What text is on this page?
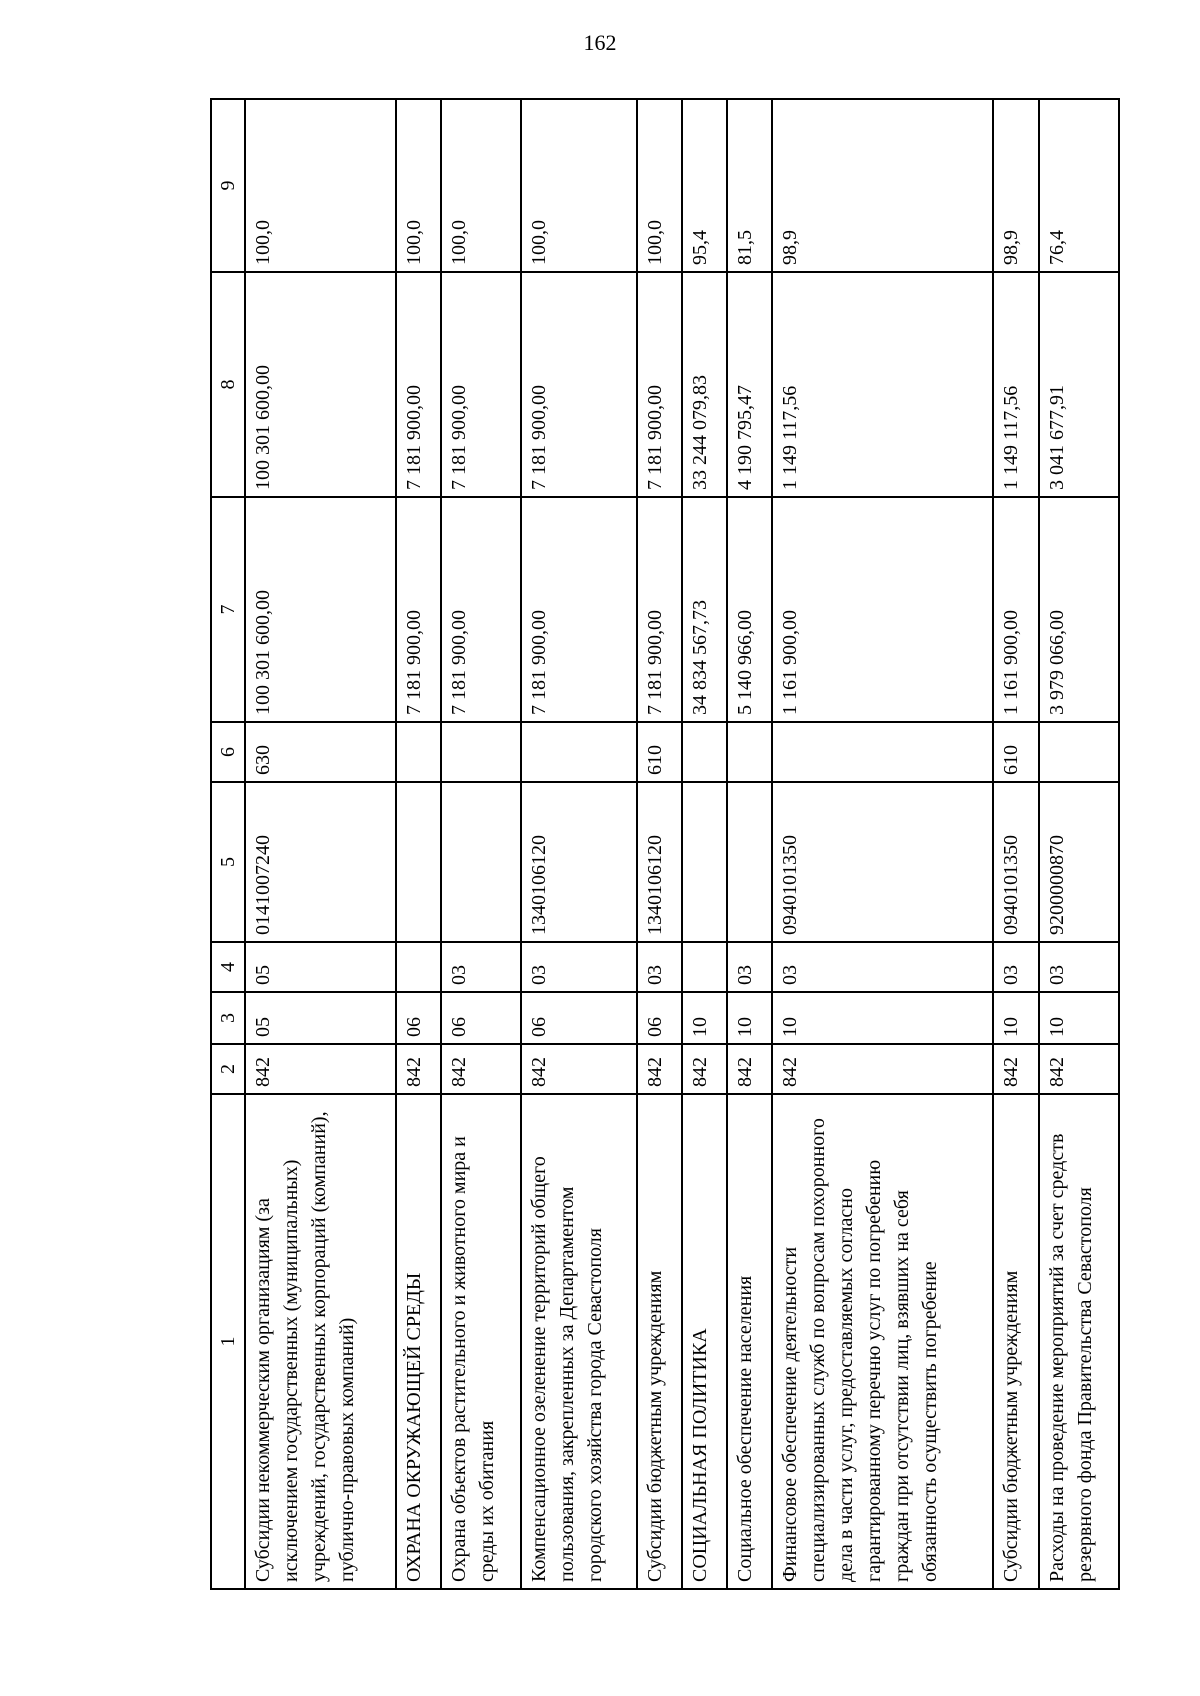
162
1	2	3	4	5	6	7	8	9
Субсидии некоммерческим организациям (за исключением государственных (муниципальных) учреждений, государственных корпораций (компаний), публично-правовых компаний)	842	05	05	0141007240	630	100 301 600,00	100 301 600,00	100,0
ОХРАНА ОКРУЖАЮЩЕЙ СРЕДЫ	842	06				7 181 900,00	7 181 900,00	100,0
Охрана объектов растительного и животного мира и среды их обитания	842	06	03			7 181 900,00	7 181 900,00	100,0
Компенсационное озеленение территорий общего пользования, закрепленных за Департаментом городского хозяйства города Севастополя	842	06	03	1340106120		7 181 900,00	7 181 900,00	100,0
Субсидии бюджетным учреждениям	842	06	03	1340106120	610	7 181 900,00	7 181 900,00	100,0
СОЦИАЛЬНАЯ ПОЛИТИКА	842	10				34 834 567,73	33 244 079,83	95,4
Социальное обеспечение населения	842	10	03			5 140 966,00	4 190 795,47	81,5
Финансовое обеспечение деятельности специализированных служб по вопросам похоронного дела в части услуг, предоставляемых согласно гарантированному перечню услуг по погребению граждан при отсутствии лиц, взявших на себя обязанность осуществить погребение	842	10	03	0940101350		1 161 900,00	1 149 117,56	98,9
Субсидии бюджетным учреждениям	842	10	03	0940101350	610	1 161 900,00	1 149 117,56	98,9
Расходы на проведение мероприятий за счет средств резервного фонда Правительства Севастополя	842	10	03	9200000870		3 979 066,00	3 041 677,91	76,4
